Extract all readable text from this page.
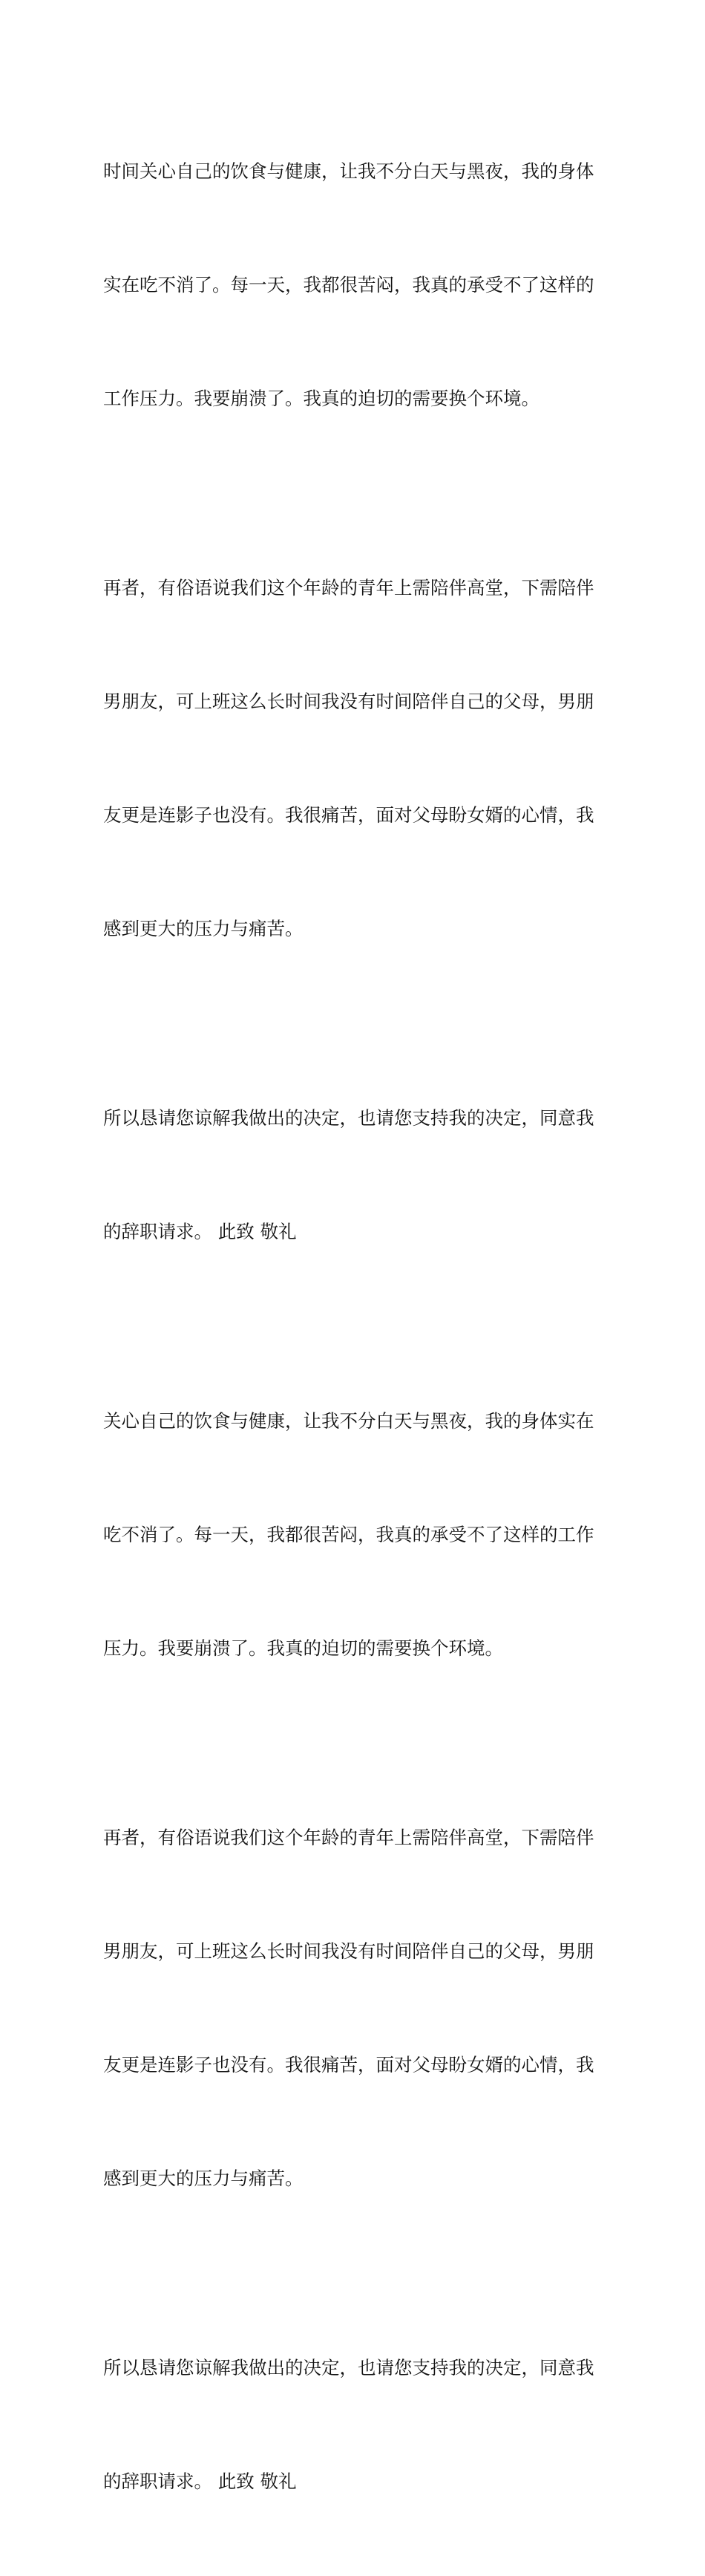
时间关心自己的饮食与健康，让我不分白天与黑夜，我的身体

实在吃不消了。每一天，我都很苦闷，我真的承受不了这样的

工作压力。我要崩溃了。我真的迫切的需要换个环境。

再者，有俗语说我们这个年龄的青年上需陪伴高堂，下需陪伴

男朋友，可上班这么长时间我没有时间陪伴自己的父母，男朋

友更是连影子也没有。我很痛苦，面对父母盼女婿的心情，我

感到更大的压力与痛苦。

所以恳请您谅解我做出的决定，也请您支持我的决定，同意我

的辞职请求。 此致 敬礼

关心自己的饮食与健康，让我不分白天与黑夜，我的身体实在

吃不消了。每一天，我都很苦闷，我真的承受不了这样的工作

压力。我要崩溃了。我真的迫切的需要换个环境。

再者，有俗语说我们这个年龄的青年上需陪伴高堂，下需陪伴

男朋友，可上班这么长时间我没有时间陪伴自己的父母，男朋

友更是连影子也没有。我很痛苦，面对父母盼女婿的心情，我

感到更大的压力与痛苦。

所以恳请您谅解我做出的决定，也请您支持我的决定，同意我

的辞职请求。 此致 敬礼
